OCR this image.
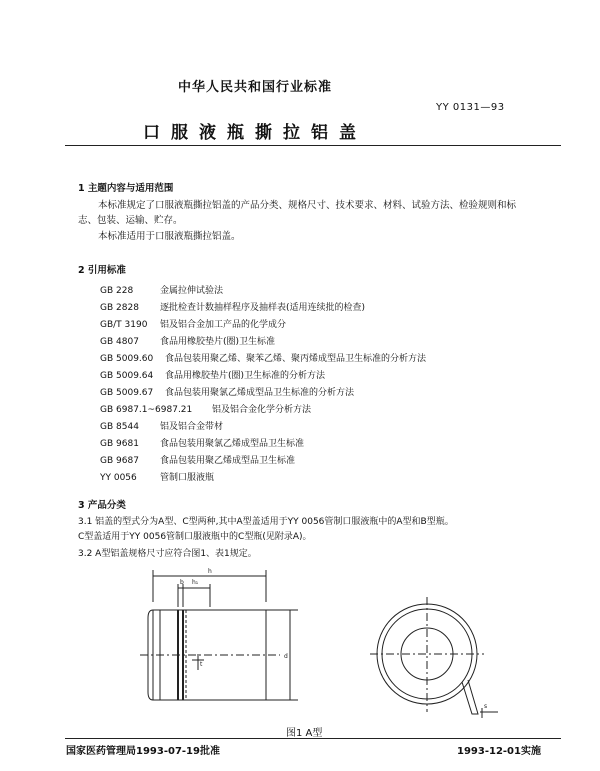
中华人民共和国行业标准
YY 0131—93
口服液瓶撕拉铝盖
1 主题内容与适用范围
本标准规定了口服液瓶撕拉铝盖的产品分类、规格尺寸、技术要求、材料、试验方法、检验规则和标
志、包装、运输、贮存。
本标准适用于口服液瓶撕拉铝盖。
2 引用标准
GB 228	金属拉伸试验法
GB 2828 逐批检查计数抽样程序及抽样表(适用连续批的检查)
GB/T 3190 铝及铝合金加工产品的化学成分
GB 4807 食品用橡胶垫片(圈)卫生标准
GB 5009.60 食品包装用聚乙烯、聚苯乙烯、聚丙烯成型品卫生标准的分析方法
GB 5009.64 食品用橡胶垫片(圈)卫生标准的分析方法
GB 5009.67 食品包装用聚氯乙烯成型品卫生标准的分析方法
GB 6987.1~6987.21 铝及铝合金化学分析方法
GB 8544 铝及铝合金带材
GB 9681 食品包装用聚氯乙烯成型品卫生标准
GB 9687 食品包装用聚乙烯成型品卫生标准
YY 0056	管制口服液瓶
3 产品分类
3.1 铝盖的型式分为A型、C型两种,其中A型盖适用于YY 0056管制口服液瓶中的A型和B型瓶。
C型盖适用于YY 0056管制口服液瓶中的C型瓶(见附录A)。
3.2 A型铝盖规格尺寸应符合图1、表1规定。
h
b h₁
d
t
s
图1 A型
国家医药管理局1993-07-19批准	1993-12-01实施
